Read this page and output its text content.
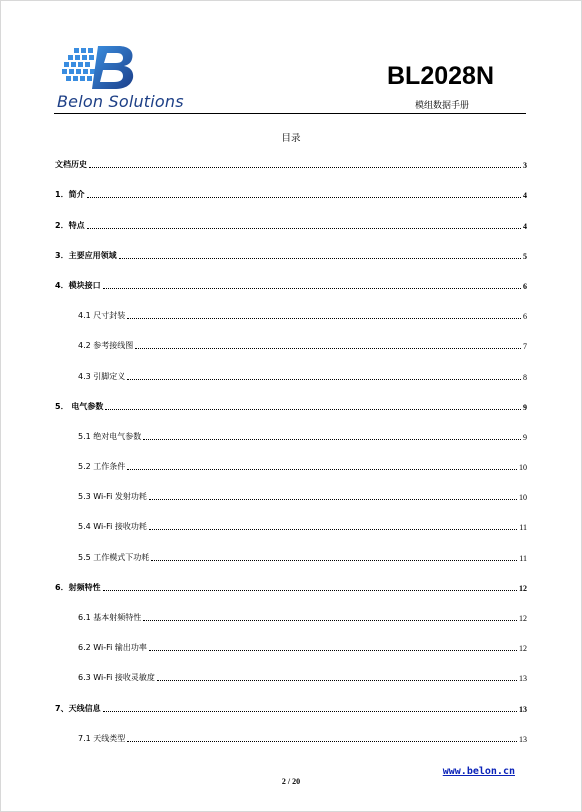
Belon Solutions
BL2028N
模组数据手册
目录
文档历史	3
1．简介	4
2．特点	4
3．主要应用领域	5
4．模块接口	6
4.1 尺寸封装	6
4.2 参考接线图	7
4.3 引脚定义	8
5． 电气参数	9
5.1 绝对电气参数	9
5.2 工作条件	10
5.3 Wi-Fi 发射功耗	10
5.4 Wi-Fi 接收功耗	11
5.5 工作模式下功耗	11
6．射频特性	12
6.1 基本射频特性	12
6.2 Wi-Fi 输出功率	12
6.3 Wi-Fi 接收灵敏度	13
7、天线信息	13
7.1 天线类型	13
2 / 20
www.belon.cn
